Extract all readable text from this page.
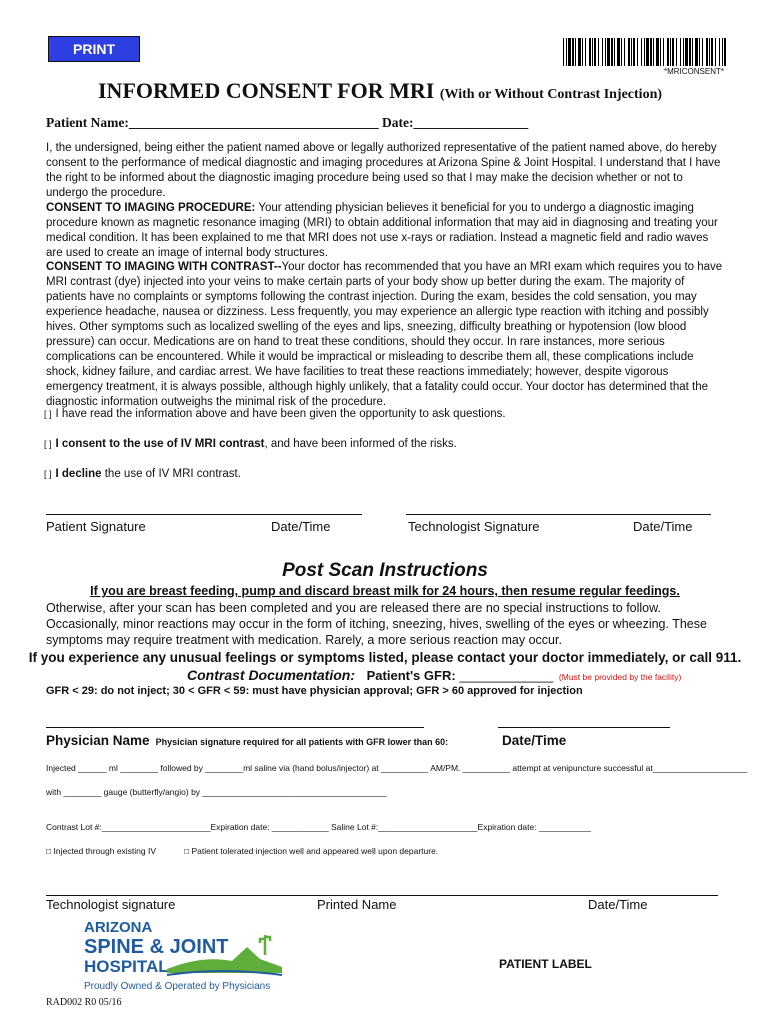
PRINT
*MRICONSENT*
INFORMED CONSENT FOR MRI (With or Without Contrast Injection)
Patient Name:_____________________________________ Date:_________________

I, the undersigned, being either the patient named above or legally authorized representative of the patient named above, do hereby consent to the performance of medical diagnostic and imaging procedures at Arizona Spine & Joint Hospital. I understand that I have the right to be informed about the diagnostic imaging procedure being used so that I may make the decision whether or not to undergo the procedure.

CONSENT TO IMAGING PROCEDURE: Your attending physician believes it beneficial for you to undergo a diagnostic imaging procedure known as magnetic resonance imaging (MRI) to obtain additional information that may aid in diagnosing and treating your medical condition. It has been explained to me that MRI does not use x-rays or radiation. Instead a magnetic field and radio waves are used to create an image of internal body structures.

CONSENT TO IMAGING WITH CONTRAST--Your doctor has recommended that you have an MRI exam which requires you to have MRI contrast (dye) injected into your veins to make certain parts of your body show up better during the exam. The majority of patients have no complaints or symptoms following the contrast injection. During the exam, besides the cold sensation, you may experience headache, nausea or dizziness. Less frequently, you may experience an allergic type reaction with itching and possibly hives. Other symptoms such as localized swelling of the eyes and lips, sneezing, difficulty breathing or hypotension (low blood pressure) can occur. Medications are on hand to treat these conditions, should they occur. In rare instances, more serious complications can be encountered. While it would be impractical or misleading to describe them all, these complications include shock, kidney failure, and cardiac arrest. We have facilities to treat these reactions immediately; however, despite vigorous emergency treatment, it is always possible, although highly unlikely, that a fatality could occur. Your doctor has determined that the diagnostic information outweighs the minimal risk of the procedure.

[ ] I have read the information above and have been given the opportunity to ask questions.
[ ] I consent to the use of IV MRI contrast, and have been informed of the risks.
[ ] I decline the use of IV MRI contrast.
Patient Signature	Date/Time	Technologist Signature	Date/Time
Post Scan Instructions
If you are breast feeding, pump and discard breast milk for 24 hours, then resume regular feedings.

Otherwise, after your scan has been completed and you are released there are no special instructions to follow. Occasionally, minor reactions may occur in the form of itching, sneezing, hives, swelling of the eyes or wheezing. These symptoms may require treatment with medication. Rarely, a more serious reaction may occur.

If you experience any unusual feelings or symptoms listed, please contact your doctor immediately, or call 911.
Contrast Documentation: Patient's GFR: _____________ (Must be provided by the facility)
GFR < 29: do not inject; 30 < GFR < 59: must have physician approval; GFR > 60 approved for injection
Physician Name Physician signature required for all patients with GFR lower than 60:	Date/Time
Injected ______ ml ________ followed by ________ml saline via (hand bolus/injector) at __________ AM/PM. __________ attempt at venipuncture successful at____________________
with ________ gauge (butterfly/angio) by _______________________________________
Contrast Lot #:_______________________Expiration date: ____________ Saline Lot #:_____________________Expiration date: ___________
□ Injected through existing IV	□ Patient tolerated injection well and appeared well upon departure.
Technologist signature	Printed Name	Date/Time
ARIZONA
SPINE & JOINT
HOSPITAL
Proudly Owned & Operated by Physicians
PATIENT LABEL
RAD002 R0 05/16
